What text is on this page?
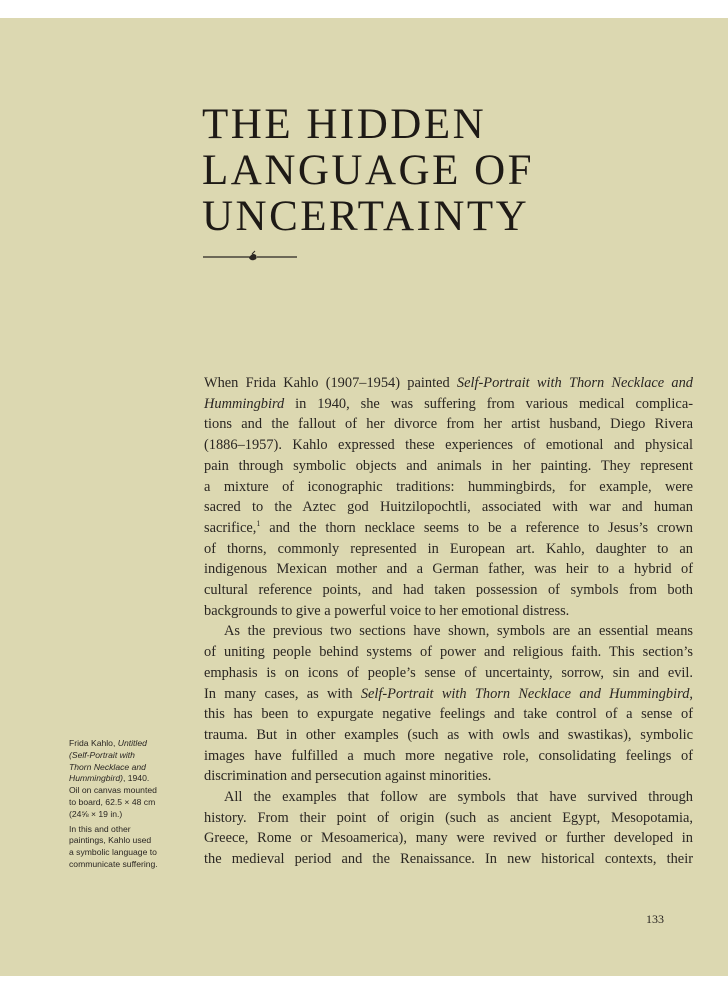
THE HIDDEN
LANGUAGE OF
UNCERTAINTY

When Frida Kahlo (1907–1954) painted Self-Portrait with Thorn Necklace and
Hummingbird in 1940, she was suffering from various medical complica-
tions and the fallout of her divorce from her artist husband, Diego Rivera
(1886–1957). Kahlo expressed these experiences of emotional and physical
pain through symbolic objects and animals in her painting. They represent
a mixture of iconographic traditions: hummingbirds, for example, were
sacred to the Aztec god Huitzilopochtli, associated with war and human
sacrifice,$^1$ and the thorn necklace seems to be a reference to Jesus’s crown
of thorns, commonly represented in European art. Kahlo, daughter to an
indigenous Mexican mother and a German father, was heir to a hybrid of
cultural reference points, and had taken possession of symbols from both
backgrounds to give a powerful voice to her emotional distress.

As the previous two sections have shown, symbols are an essential means
of uniting people behind systems of power and religious faith. This section’s
emphasis is on icons of people’s sense of uncertainty, sorrow, sin and evil.
In many cases, as with Self-Portrait with Thorn Necklace and Hummingbird,
this has been to expurgate negative feelings and take control of a sense of
trauma. But in other examples (such as with owls and swastikas), symbolic
images have fulfilled a much more negative role, consolidating feelings of
discrimination and persecution against minorities.

All the examples that follow are symbols that have survived through
history. From their point of origin (such as ancient Egypt, Mesopotamia,
Greece, Rome or Mesoamerica), many were revived or further developed in
the medieval period and the Renaissance. In new historical contexts, their

Frida Kahlo, Untitled
(Self-Portrait with
Thorn Necklace and
Hummingbird), 1940.
Oil on canvas mounted
to board, 62.5 × 48 cm
(24⅝ × 19 in.)

In this and other
paintings, Kahlo used
a symbolic language to
communicate suffering.

133
